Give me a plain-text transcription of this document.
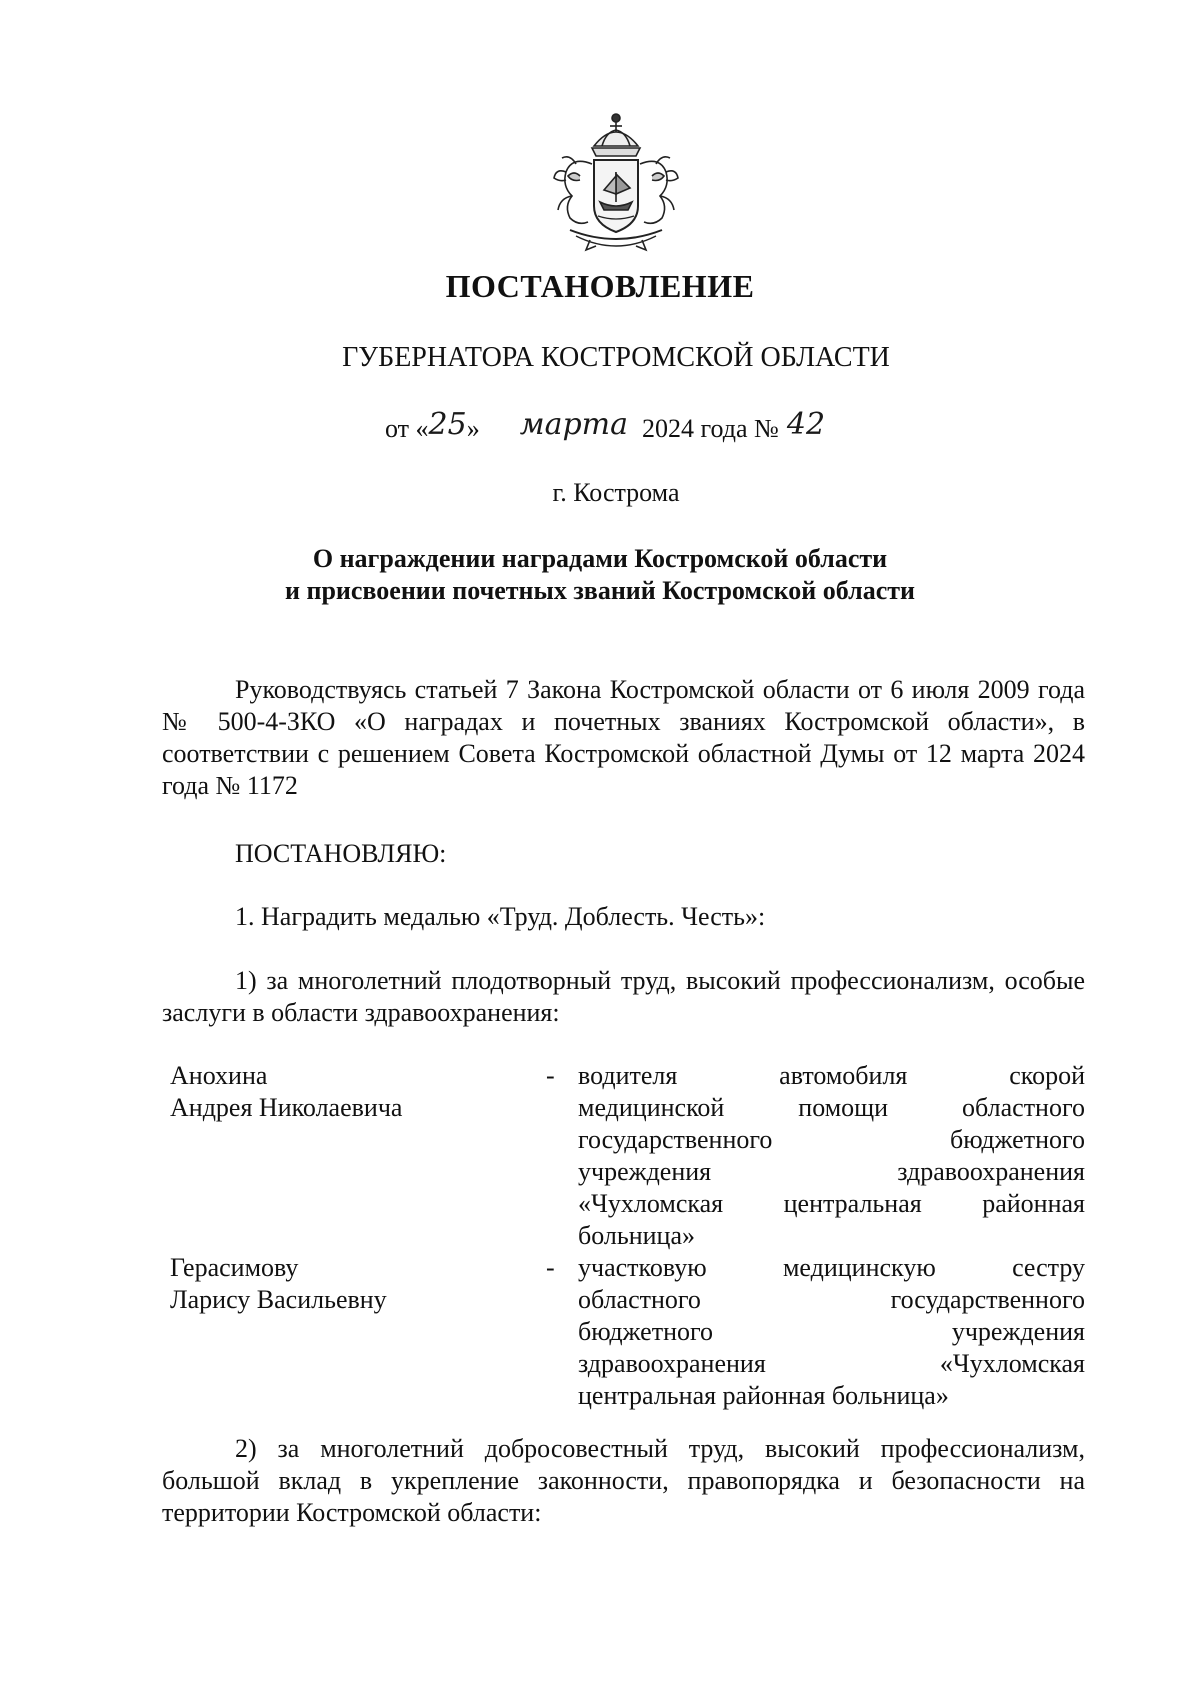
ПОСТАНОВЛЕНИЕ
ГУБЕРНАТОРА КОСТРОМСКОЙ ОБЛАСТИ
от «25» марта 2024 года № 42
г. Кострома
О награждении наградами Костромской области
и присвоении почетных званий Костромской области
Руководствуясь статьей 7 Закона Костромской области от 6 июля 2009 года № 500-4-ЗКО «О наградах и почетных званиях Костромской области», в соответствии с решением Совета Костромской областной Думы от 12 марта 2024 года № 1172
ПОСТАНОВЛЯЮ:
1. Наградить медалью «Труд. Доблесть. Честь»:
1) за многолетний плодотворный труд, высокий профессионализм, особые заслуги в области здравоохранения:
Анохина
Андрея Николаевича
- водителя автомобиля скорой
медицинской помощи областного
государственного бюджетного
учреждения здравоохранения
«Чухломская центральная районная
больница»
Герасимову
Ларису Васильевну
- участковую медицинскую сестру
областного государственного
бюджетного учреждения
здравоохранения «Чухломская
центральная районная больница»
2) за многолетний добросовестный труд, высокий профессионализм, большой вклад в укрепление законности, правопорядка и безопасности на территории Костромской области:
